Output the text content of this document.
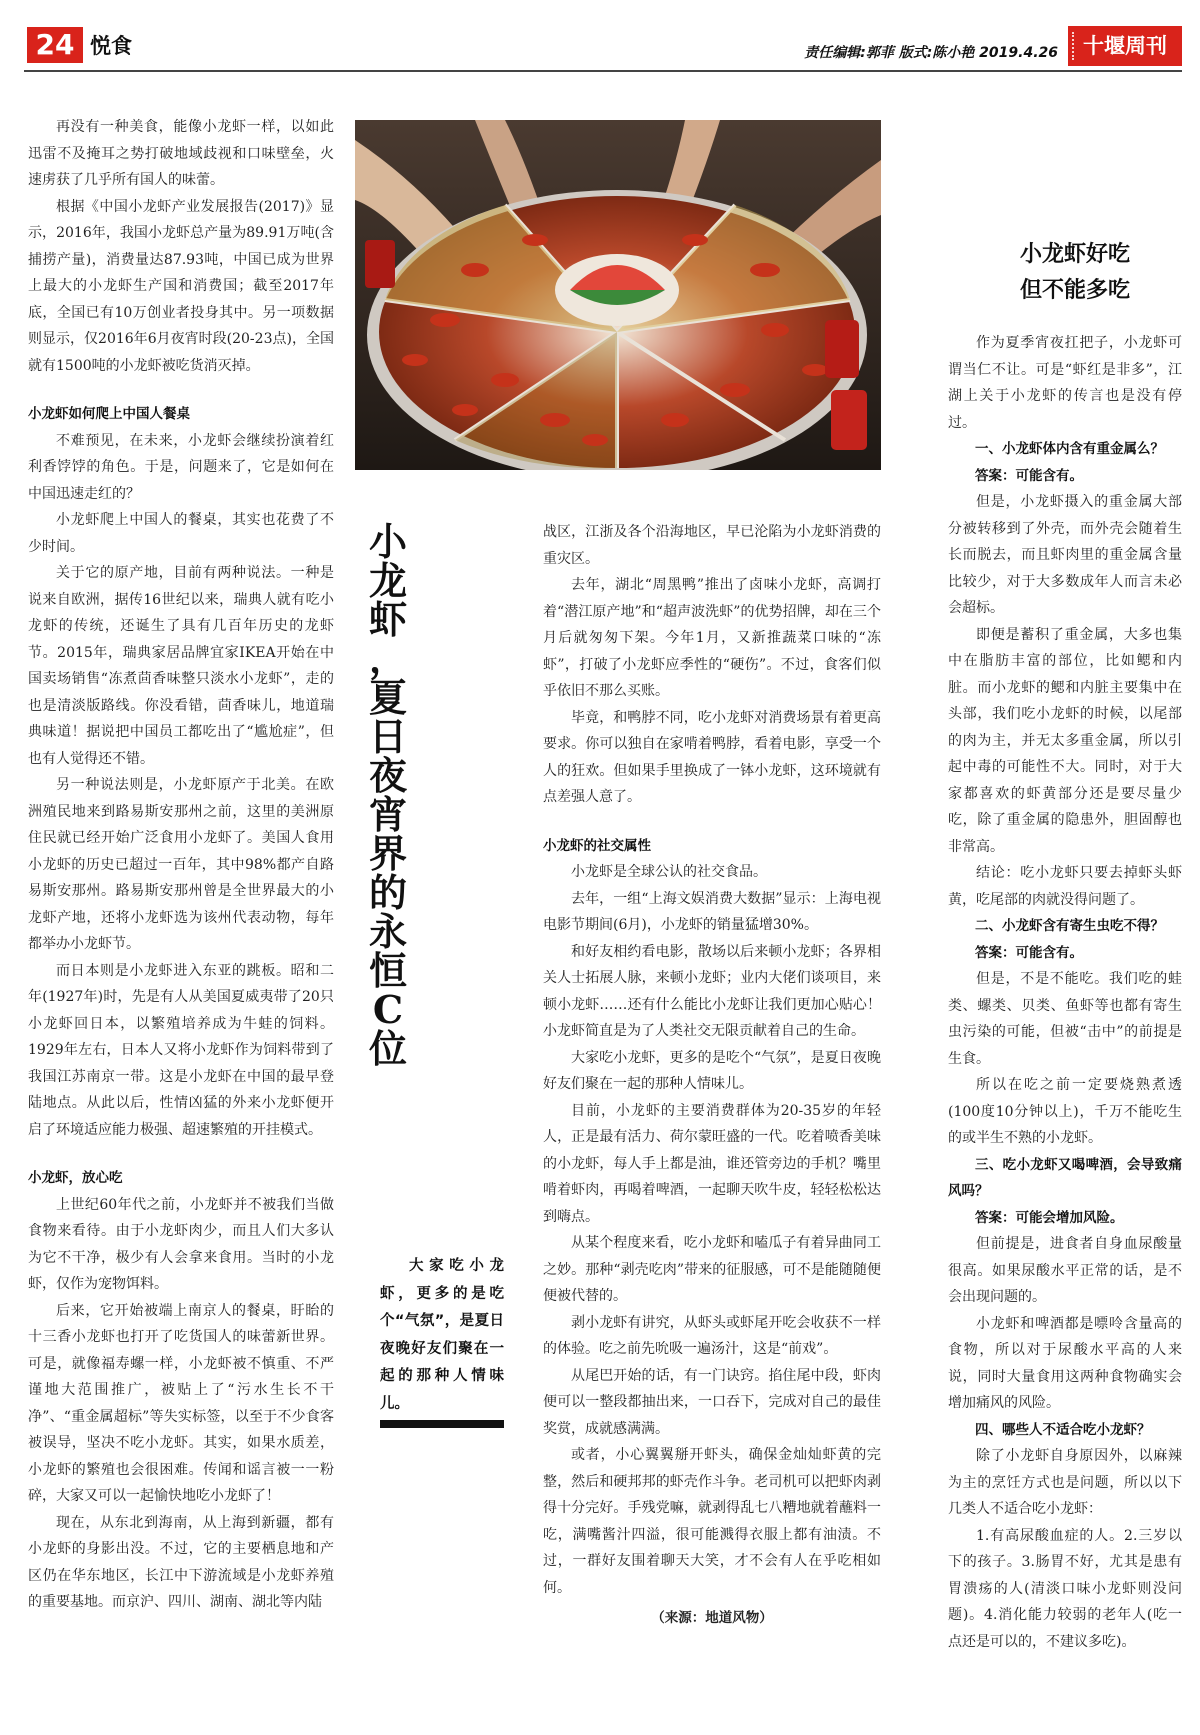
24 悦食	责任编辑:郭菲 版式:陈小艳 2019.4.26	十堰周刊

再没有一种美食，能像小龙虾一样，以如此迅雷不及掩耳之势打破地域歧视和口味壁垒，火速虏获了几乎所有国人的味蕾。

根据《中国小龙虾产业发展报告(2017)》显示，2016年，我国小龙虾总产量为89.91万吨(含捕捞产量)，消费量达87.93吨，中国已成为世界上最大的小龙虾生产国和消费国；截至2017年底，全国已有10万创业者投身其中。另一项数据则显示，仅2016年6月夜宵时段(20-23点)，全国就有1500吨的小龙虾被吃货消灭掉。

小龙虾如何爬上中国人餐桌

不难预见，在未来，小龙虾会继续扮演着红利香饽饽的角色。于是，问题来了，它是如何在中国迅速走红的？

小龙虾爬上中国人的餐桌，其实也花费了不少时间。

关于它的原产地，目前有两种说法。一种是说来自欧洲，据传16世纪以来，瑞典人就有吃小龙虾的传统，还诞生了具有几百年历史的龙虾节。2015年，瑞典家居品牌宜家IKEA开始在中国卖场销售“冻煮茴香味整只淡水小龙虾”，走的也是清淡版路线。你没看错，茴香味儿，地道瑞典味道！据说把中国员工都吃出了“尴尬症”，但也有人觉得还不错。

另一种说法则是，小龙虾原产于北美。在欧洲殖民地来到路易斯安那州之前，这里的美洲原住民就已经开始广泛食用小龙虾了。美国人食用小龙虾的历史已超过一百年，其中98%都产自路易斯安那州。路易斯安那州曾是全世界最大的小龙虾产地，还将小龙虾选为该州代表动物，每年都举办小龙虾节。

而日本则是小龙虾进入东亚的跳板。昭和二年(1927年)时，先是有人从美国夏威夷带了20只小龙虾回日本，以繁殖培养成为牛蛙的饲料。1929年左右，日本人又将小龙虾作为饲料带到了我国江苏南京一带。这是小龙虾在中国的最早登陆地点。从此以后，性情凶猛的外来小龙虾便开启了环境适应能力极强、超速繁殖的开挂模式。

小龙虾，放心吃

上世纪60年代之前，小龙虾并不被我们当做食物来看待。由于小龙虾肉少，而且人们大多认为它不干净，极少有人会拿来食用。当时的小龙虾，仅作为宠物饵料。

后来，它开始被端上南京人的餐桌，盱眙的十三香小龙虾也打开了吃货国人的味蕾新世界。可是，就像福寿螺一样，小龙虾被不慎重、不严谨地大范围推广，被贴上了“污水生长不干净”、“重金属超标”等失实标签，以至于不少食客被误导，坚决不吃小龙虾。其实，如果水质差，小龙虾的繁殖也会很困难。传闻和谣言被一一粉碎，大家又可以一起愉快地吃小龙虾了！

现在，从东北到海南，从上海到新疆，都有小龙虾的身影出没。不过，它的主要栖息地和产区仍在华东地区，长江中下游流域是小龙虾养殖的重要基地。而京沪、四川、湖南、湖北等内陆

小
龙
虾
，
夏
日
夜
宵
界
的
永
恒
C
位
大家吃小龙虾，更多的是吃个“气氛”，是夏日夜晚好友们聚在一起的那种人情味儿。

战区，江浙及各个沿海地区，早已沦陷为小龙虾消费的重灾区。

去年，湖北“周黑鸭”推出了卤味小龙虾，高调打着“潜江原产地”和“超声波洗虾”的优势招牌，却在三个月后就匆匆下架。今年1月，又新推蔬菜口味的“冻虾”，打破了小龙虾应季性的“硬伤”。不过，食客们似乎依旧不那么买账。

毕竟，和鸭脖不同，吃小龙虾对消费场景有着更高要求。你可以独自在家啃着鸭脖，看着电影，享受一个人的狂欢。但如果手里换成了一钵小龙虾，这环境就有点差强人意了。

小龙虾的社交属性

小龙虾是全球公认的社交食品。

去年，一组“上海文娱消费大数据”显示：上海电视电影节期间(6月)，小龙虾的销量猛增30%。

和好友相约看电影，散场以后来顿小龙虾；各界相关人士拓展人脉，来顿小龙虾；业内大佬们谈项目，来顿小龙虾……还有什么能比小龙虾让我们更加心贴心！小龙虾简直是为了人类社交无限贡献着自己的生命。

大家吃小龙虾，更多的是吃个“气氛”，是夏日夜晚好友们聚在一起的那种人情味儿。

目前，小龙虾的主要消费群体为20-35岁的年轻人，正是最有活力、荷尔蒙旺盛的一代。吃着喷香美味的小龙虾，每人手上都是油，谁还管旁边的手机？嘴里啃着虾肉，再喝着啤酒，一起聊天吹牛皮，轻轻松松达到嗨点。

从某个程度来看，吃小龙虾和嗑瓜子有着异曲同工之妙。那种“剥壳吃肉”带来的征服感，可不是能随随便便被代替的。

剥小龙虾有讲究，从虾头或虾尾开吃会收获不一样的体验。吃之前先吮吸一遍汤汁，这是“前戏”。

从尾巴开始的话，有一门诀窍。掐住尾中段，虾肉便可以一整段都抽出来，一口吞下，完成对自己的最佳奖赏，成就感满满。

或者，小心翼翼掰开虾头，确保金灿灿虾黄的完整，然后和硬邦邦的虾壳作斗争。老司机可以把虾肉剥得十分完好。手残党嘛，就剥得乱七八糟地就着蘸料一吃，满嘴酱汁四溢，很可能溅得衣服上都有油渍。不过，一群好友围着聊天大笑，才不会有人在乎吃相如何。

（来源：地道风物）
小龙虾好吃
但不能多吃

作为夏季宵夜扛把子，小龙虾可谓当仁不让。可是“虾红是非多”，江湖上关于小龙虾的传言也是没有停过。

一、小龙虾体内含有重金属么？
答案：可能含有。

但是，小龙虾摄入的重金属大部分被转移到了外壳，而外壳会随着生长而脱去，而且虾肉里的重金属含量比较少，对于大多数成年人而言未必会超标。

即便是蓄积了重金属，大多也集中在脂肪丰富的部位，比如鳃和内脏。而小龙虾的鳃和内脏主要集中在头部，我们吃小龙虾的时候，以尾部的肉为主，并无太多重金属，所以引起中毒的可能性不大。同时，对于大家都喜欢的虾黄部分还是要尽量少吃，除了重金属的隐患外，胆固醇也非常高。

结论：吃小龙虾只要去掉虾头虾黄，吃尾部的肉就没得问题了。

二、小龙虾含有寄生虫吃不得？
答案：可能含有。

但是，不是不能吃。我们吃的蛙类、螺类、贝类、鱼虾等也都有寄生虫污染的可能，但被“击中”的前提是生食。

所以在吃之前一定要烧熟煮透(100度10分钟以上)，千万不能吃生的或半生不熟的小龙虾。

三、吃小龙虾又喝啤酒，会导致痛风吗？
答案：可能会增加风险。

但前提是，进食者自身血尿酸量很高。如果尿酸水平正常的话，是不会出现问题的。

小龙虾和啤酒都是嘌呤含量高的食物，所以对于尿酸水平高的人来说，同时大量食用这两种食物确实会增加痛风的风险。

四、哪些人不适合吃小龙虾？

除了小龙虾自身原因外，以麻辣为主的烹饪方式也是问题，所以以下几类人不适合吃小龙虾：

1.有高尿酸血症的人。2.三岁以下的孩子。3.肠胃不好，尤其是患有胃溃疡的人(清淡口味小龙虾则没问题)。4.消化能力较弱的老年人(吃一点还是可以的，不建议多吃)。
